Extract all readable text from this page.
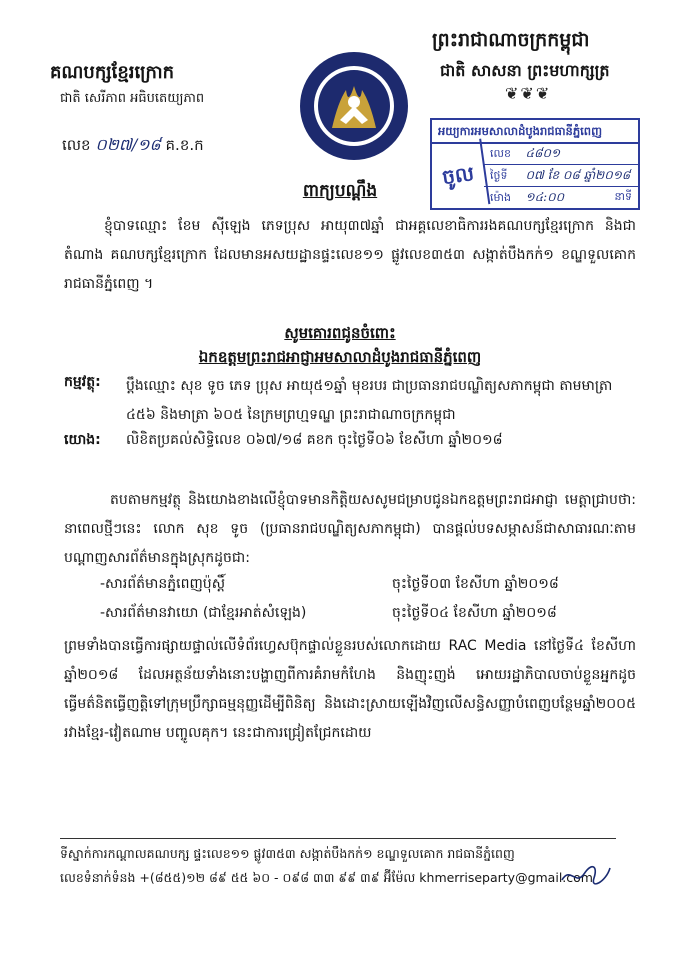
គណបក្សខ្មែរក្រោក
ជាតិ សេរីភាព អធិបតេយ្យភាព
ព្រះរាជាណាចក្រកម្ពុជា
ជាតិ សាសនា ព្រះមហាក្សត្រ
❦❦❦
លេខ ០២៧/១៨ គ.ខ.ក
អយ្យការអមសាលាដំបូងរាជធានីភ្នំពេញ
ចូល
លេខ ៤៨០១
ថ្ងៃទី ០៧ ខែ ០៨ ឆ្នាំ២០១៨
ម៉ោង ១៤:០០	នាទី
ពាក្យបណ្តឹង
ខ្ញុំបាទឈ្មោះ ខែម ស៊ីឡេង ភេទប្រុស អាយុ៣៧ឆ្នាំ ជាអគ្គលេខាធិការរងគណបក្សខ្មែរក្រោក និងជាតំណាង គណបក្សខ្មែរក្រោក ដែលមានអសយដ្ឋានផ្ទះលេខ១១ ផ្លូវលេខ៣៥៣ សង្កាត់បឹងកក់១ ខណ្ឌទួលគោក រាជធានីភ្នំពេញ ។
សូមគោរពជូនចំពោះ
ឯកឧត្តមព្រះរាជអាជ្ញាអមសាលាដំបូងរាជធានីភ្នំពេញ
កម្មវត្ថុ: ប្តឹងឈ្មោះ សុខ ទូច ភេទ ប្រុស អាយុ៥១ឆ្នាំ មុខរបរ ជាប្រធានរាជបណ្ឌិត្យសភាកម្ពុជា តាមមាត្រា ៤៥៦ និងមាត្រា ៦០៥ នៃក្រមព្រហ្មទណ្ឌ ព្រះរាជាណាចក្រកម្ពុជា
យោង: លិខិតប្រគល់សិទ្ធិលេខ ០៦៧/១៨ គខក ចុះថ្ងៃទី០៦ ខែសីហា ឆ្នាំ២០១៨
តបតាមកម្មវត្ថុ និងយោងខាងលើខ្ញុំបាទមានកិត្តិយសសូមជម្រាបជូនឯកឧត្តមព្រះរាជអាជ្ញា មេត្តាជ្រាបថា: នាពេលថ្មីៗនេះ លោក សុខ ទូច (ប្រធានរាជបណ្ឌិត្យសភាកម្ពុជា) បានផ្តល់បទសម្ភាសន៍ជាសាធារណៈតាមបណ្តាញសារព័ត៌មានក្នុងស្រុកដូចជា:
-សារព័ត៌មានភ្នំពេញប៉ុស្តិ៍	ចុះថ្ងៃទី០៣ ខែសីហា ឆ្នាំ២០១៨
-សារព័ត៌មានវាយោ (ជាខ្មែរអាត់សំឡេង)	ចុះថ្ងៃទី០៤ ខែសីហា ឆ្នាំ២០១៨
ព្រមទាំងបានធ្វើការផ្សាយផ្ទាល់លើទំព័រហ្វេសប៊ុកផ្ទាល់ខ្លួនរបស់លោកដោយ RAC Media នៅថ្ងៃទី៤ ខែសីហា ឆ្នាំ២០១៨ ដែលអត្ថន័យទាំងនោះបង្ហាញពីការគំរាមកំហែង និងញុះញង់ អោយរដ្ឋាភិបាលចាប់ខ្លួនអ្នកដូចធ្វើមត៌និតធ្វើញត្តិទៅក្រុមប្រឹក្សាធម្មនុញ្ញដើម្បីពិនិត្យ និងដោះស្រាយឡើងវិញលើសន្ធិសញ្ញាបំពេញបន្ថែមឆ្នាំ២០០៥ រវាងខ្មែរ-វៀតណាម បញ្ចូលគុក។ នេះជាការជ្រៀតជ្រែកដោយ
ទីស្នាក់ការកណ្តាលគណបក្ស ផ្ទះលេខ១១ ផ្លូវ៣៥៣ សង្កាត់បឹងកក់១ ខណ្ឌទួលគោក រាជធានីភ្នំពេញ
លេខទំនាក់ទំនង +(៨៥៥)១២ ៨៩ ៥៥ ៦០ - ០៩៨ ៣៣ ៩៩ ៣៩ អ៊ីម៉ែល khmerriseparty@gmail.com
